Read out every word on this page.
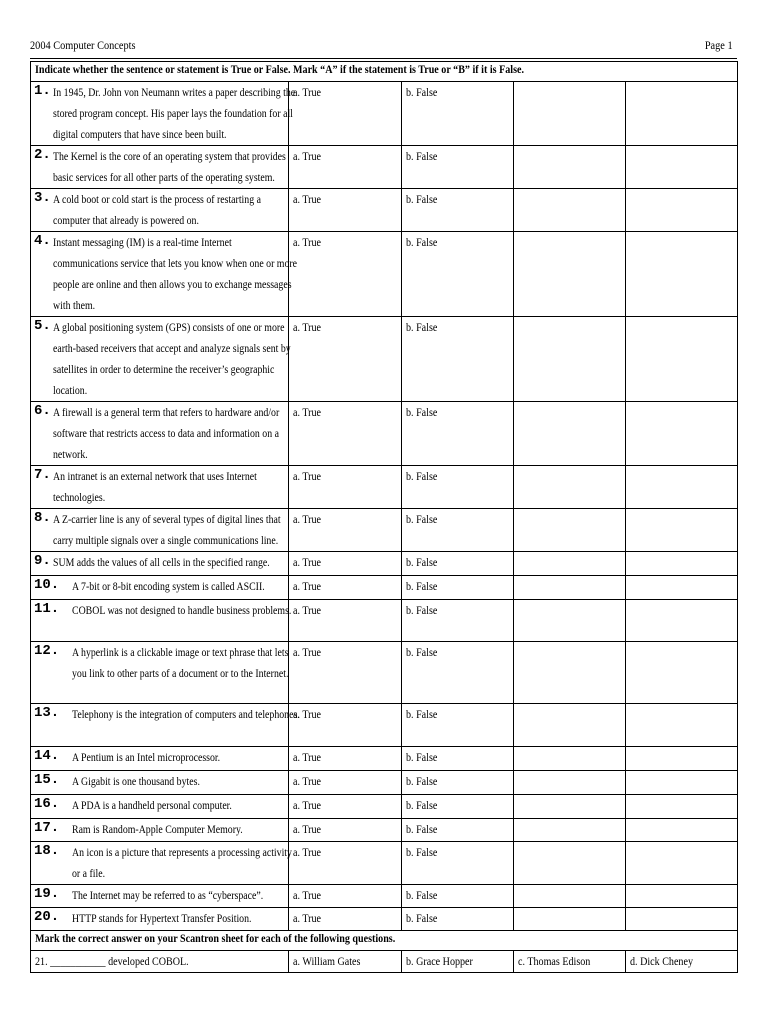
2004 Computer Concepts	Page 1
Indicate whether the sentence or statement is True or False. Mark “A” if the statement is True or “B” if it is False.				

1. In 1945, Dr. John von Neumann writes a paper describing the stored program concept. His paper lays the foundation for all digital computers that have since been built.	a. True	b. False		

2. The Kernel is the core of an operating system that provides basic services for all other parts of the operating system.	a. True	b. False		

3. A cold boot or cold start is the process of restarting a computer that already is powered on.	a. True	b. False		

4. Instant messaging (IM) is a real-time Internet communications service that lets you know when one or more people are online and then allows you to exchange messages with them.	a. True	b. False		

5. A global positioning system (GPS) consists of one or more earth-based receivers that accept and analyze signals sent by satellites in order to determine the receiver’s geographic location.	a. True	b. False		

6. A firewall is a general term that refers to hardware and/or software that restricts access to data and information on a network.	a. True	b. False		

7. An intranet is an external network that uses Internet technologies.	a. True	b. False		

8. A Z-carrier line is any of several types of digital lines that carry multiple signals over a single communications line.	a. True	b. False		

9. SUM adds the values of all cells in the specified range.	a. True	b. False		

10. A 7-bit or 8-bit encoding system is called ASCII.	a. True	b. False		

11. COBOL was not designed to handle business problems.	a. True	b. False		

12. A hyperlink is a clickable image or text phrase that lets you link to other parts of a document or to the Internet.	a. True	b. False		

13. Telephony is the integration of computers and telephones.	a. True	b. False		

14. A Pentium is an Intel microprocessor.	a. True	b. False		

15. A Gigabit is one thousand bytes.	a. True	b. False		

16. A PDA is a handheld personal computer.	a. True	b. False		

17. Ram is Random-Apple Computer Memory.	a. True	b. False		

18. An icon is a picture that represents a processing activity or a file.	a. True	b. False		

19. The Internet may be referred to as “cyberspace”.	a. True	b. False		

20. HTTP stands for Hypertext Transfer Position.	a. True	b. False		
Mark the correct answer on your Scantron sheet for each of the following questions.				
21. ___________ developed COBOL.	a. William Gates	b. Grace Hopper	c. Thomas Edison	d. Dick Cheney
